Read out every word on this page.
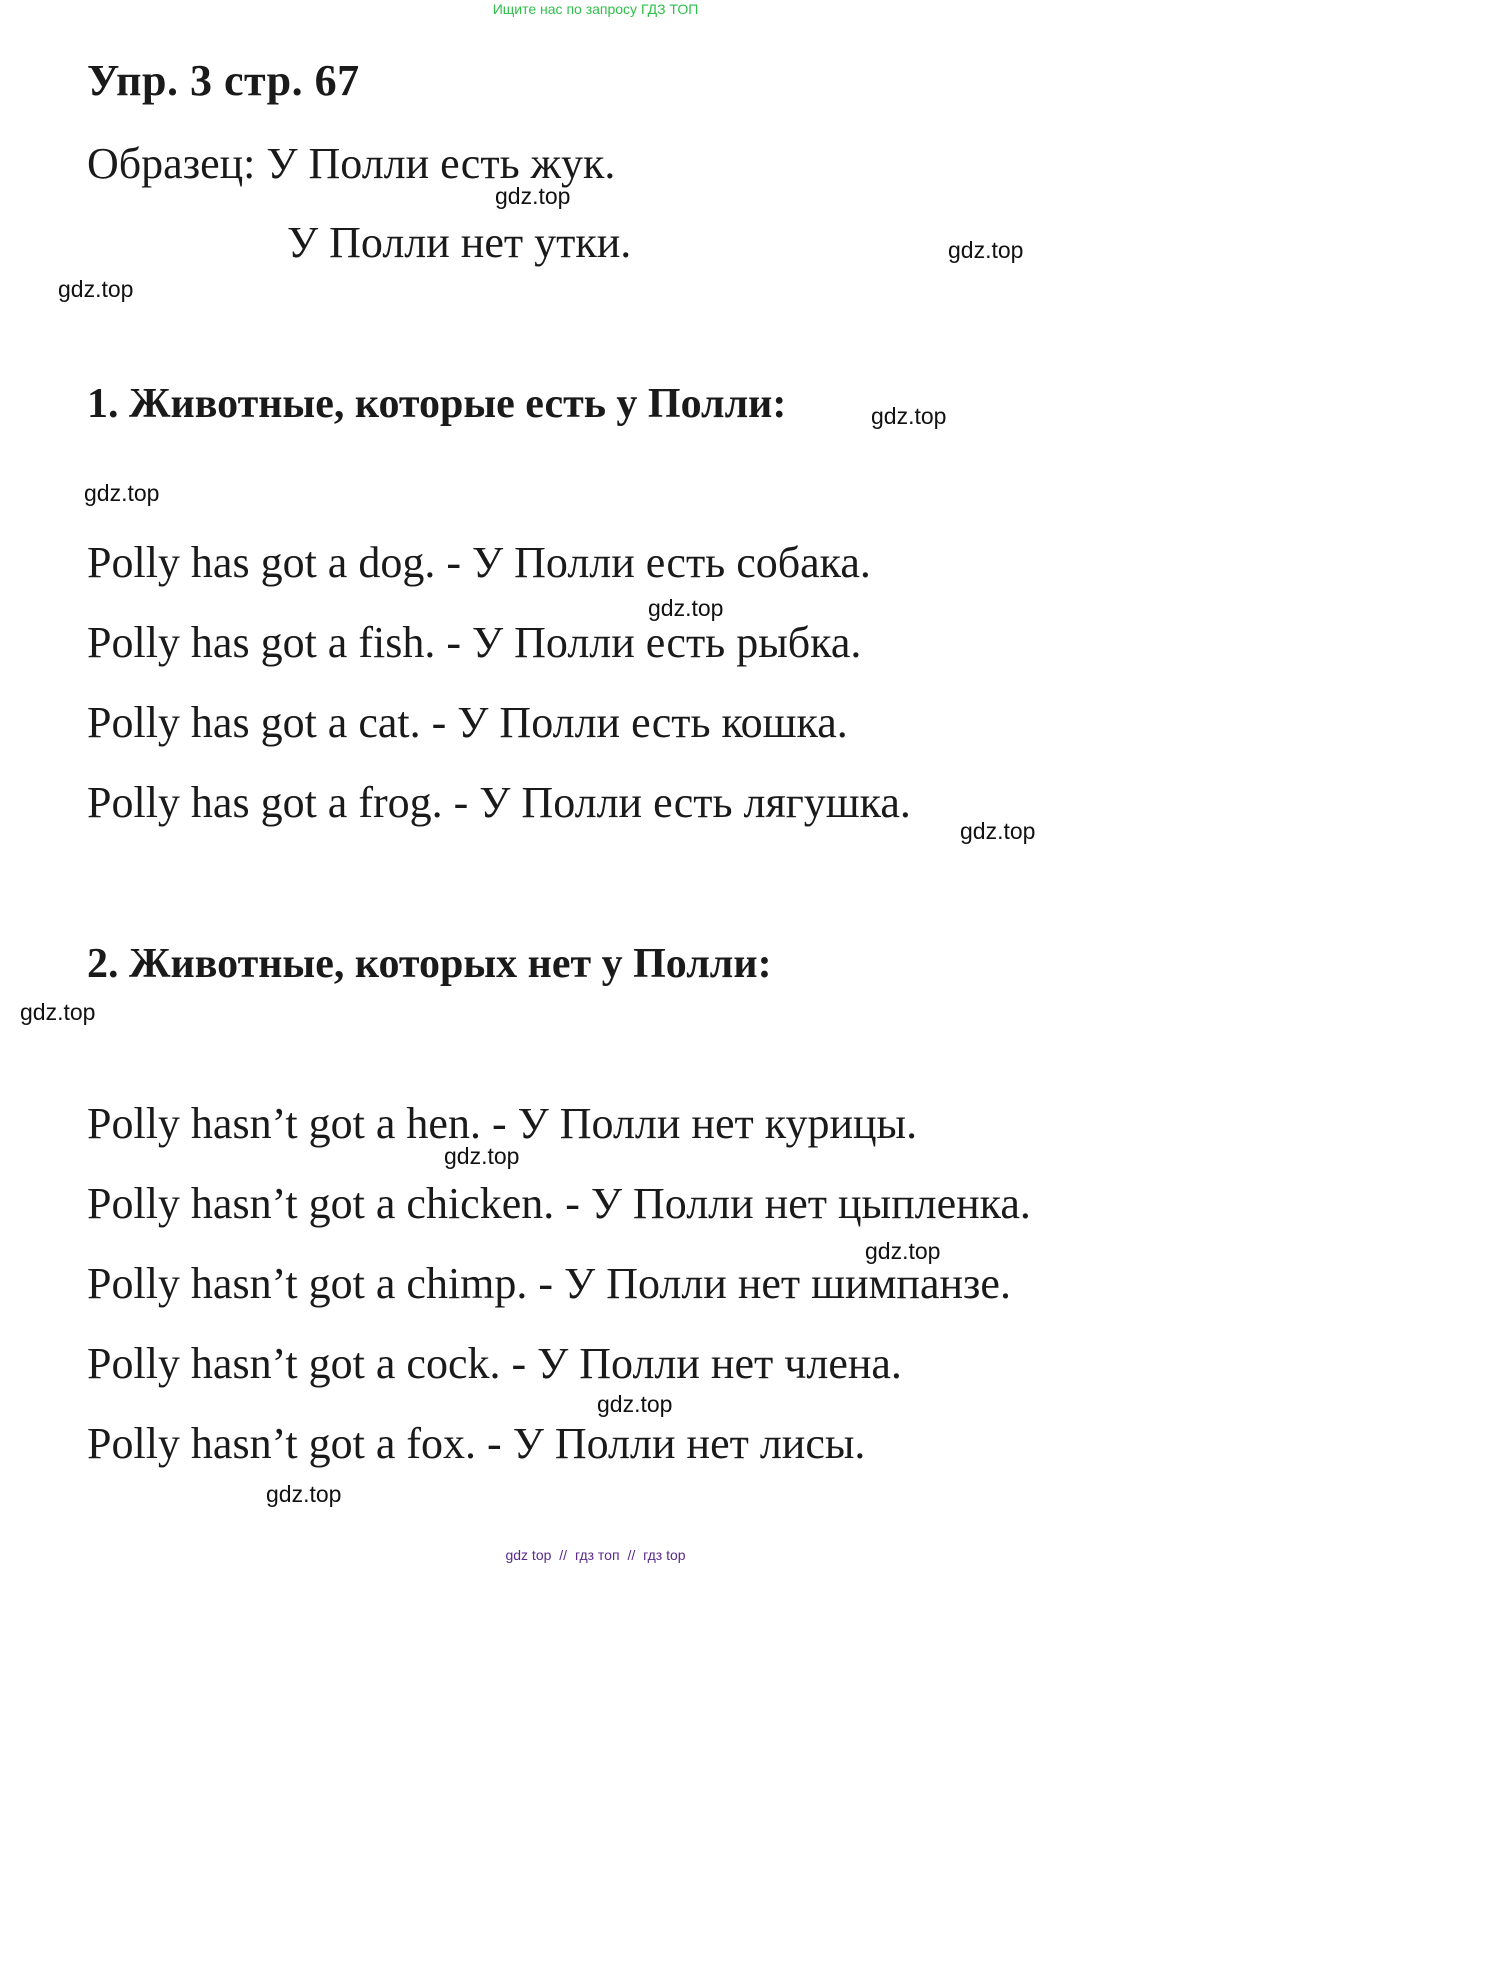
Ищите нас по запросу ГДЗ ТОП
Упр. 3 стр. 67

Образец: У Полли есть жук.

У Полли нет утки.

1. Животные, которые есть у Полли:

Polly has got a dog. - У Полли есть собака.

Polly has got a fish. - У Полли есть рыбка.

Polly has got a cat. - У Полли есть кошка.

Polly has got a frog. - У Полли есть лягушка.

2. Животные, которых нет у Полли:

Polly hasn’t got a hen. - У Полли нет курицы.

Polly hasn’t got a chicken. - У Полли нет цыпленка.

Polly hasn’t got a chimp. - У Полли нет шимпанзе.

Polly hasn’t got a cock. - У Полли нет члена.

Polly hasn’t got a fox. - У Полли нет лисы.

gdz.top
gdz.top
gdz.top
gdz.top
gdz.top
gdz.top
gdz.top
gdz.top
gdz.top
gdz.top
gdz.top
gdz.top
gdz top // гдз топ // гдз top
